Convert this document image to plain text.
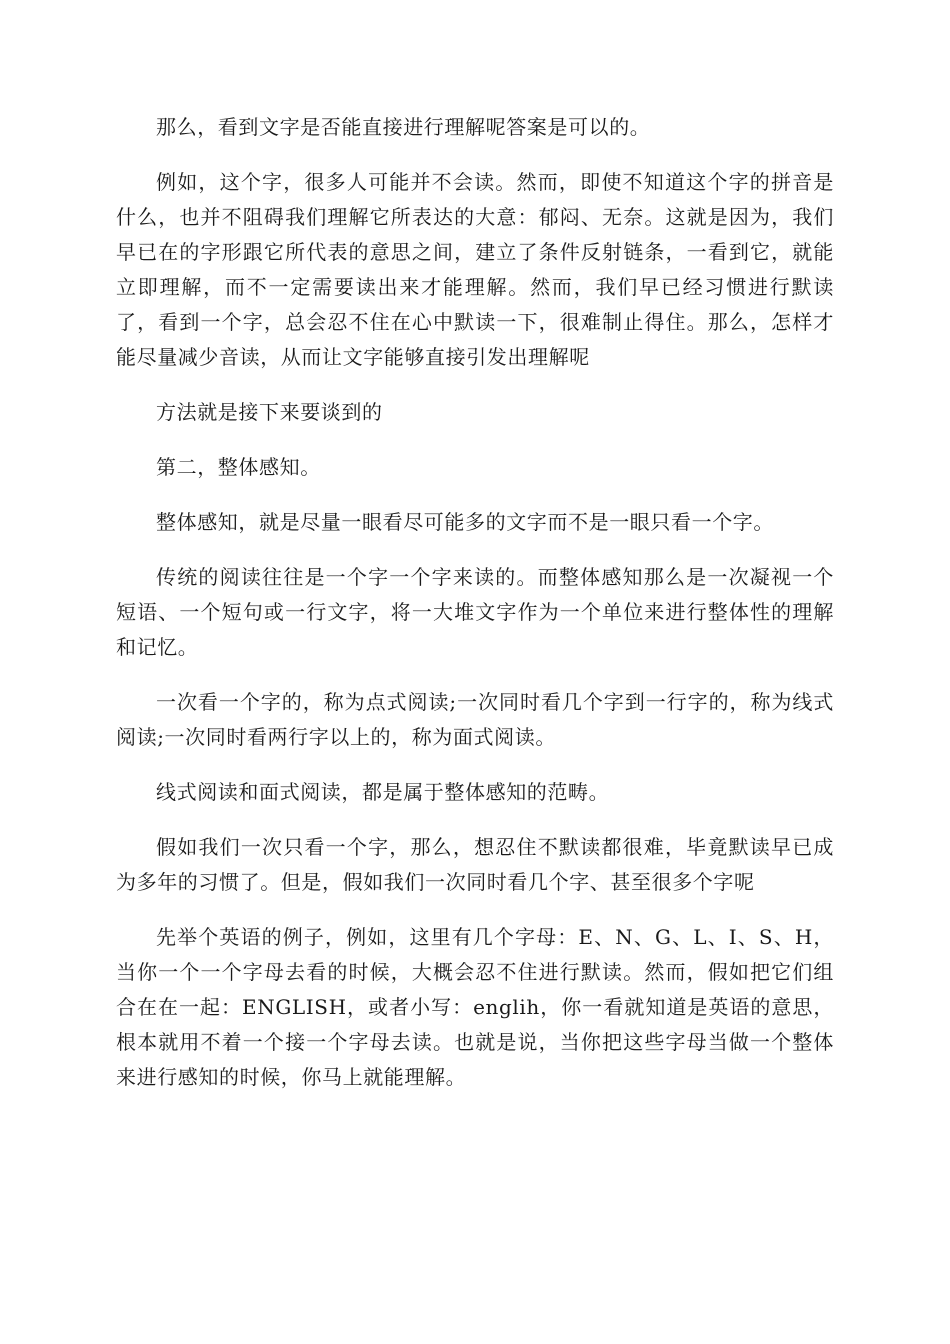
那么，看到文字是否能直接进行理解呢答案是可以的。

例如，这个字，很多人可能并不会读。然而，即使不知道这个字的拼音是什么，也并不阻碍我们理解它所表达的大意：郁闷、无奈。这就是因为，我们早已在的字形跟它所代表的意思之间，建立了条件反射链条，一看到它，就能立即理解，而不一定需要读出来才能理解。然而，我们早已经习惯进行默读了，看到一个字，总会忍不住在心中默读一下，很难制止得住。那么，怎样才能尽量减少音读，从而让文字能够直接引发出理解呢

方法就是接下来要谈到的

第二，整体感知。

整体感知，就是尽量一眼看尽可能多的文字而不是一眼只看一个字。

传统的阅读往往是一个字一个字来读的。而整体感知那么是一次凝视一个短语、一个短句或一行文字，将一大堆文字作为一个单位来进行整体性的理解和记忆。

一次看一个字的，称为点式阅读;一次同时看几个字到一行字的，称为线式阅读;一次同时看两行字以上的，称为面式阅读。

线式阅读和面式阅读，都是属于整体感知的范畴。

假如我们一次只看一个字，那么，想忍住不默读都很难，毕竟默读早已成为多年的习惯了。但是，假如我们一次同时看几个字、甚至很多个字呢

先举个英语的例子，例如，这里有几个字母：E、N、G、L、I、S、H，当你一个一个字母去看的时候，大概会忍不住进行默读。然而，假如把它们组合在在一起：ENGLISH，或者小写：englih，你一看就知道是英语的意思，根本就用不着一个接一个字母去读。也就是说，当你把这些字母当做一个整体来进行感知的时候，你马上就能理解。
